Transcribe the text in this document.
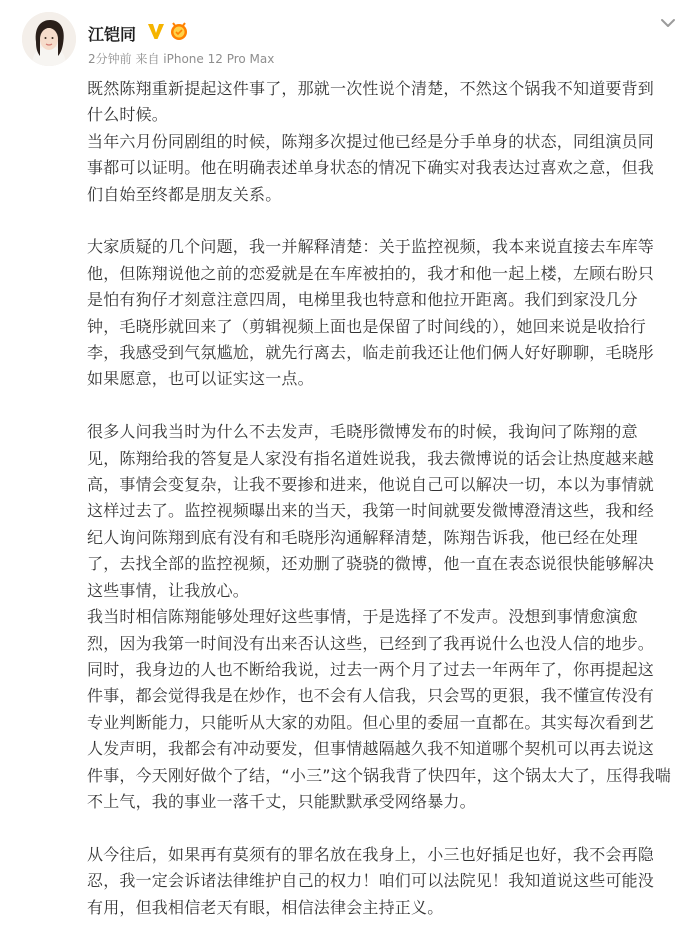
江铠同
2分钟前 来自 iPhone 12 Pro Max
既然陈翔重新提起这件事了，那就一次性说个清楚，不然这个锅我不知道要背到
什么时候。
当年六月份同剧组的时候，陈翔多次提过他已经是分手单身的状态，同组演员同
事都可以证明。他在明确表述单身状态的情况下确实对我表达过喜欢之意，但我
们自始至终都是朋友关系。
大家质疑的几个问题，我一并解释清楚：关于监控视频，我本来说直接去车库等
他，但陈翔说他之前的恋爱就是在车库被拍的，我才和他一起上楼，左顾右盼只
是怕有狗仔才刻意注意四周，电梯里我也特意和他拉开距离。我们到家没几分
钟，毛晓彤就回来了（剪辑视频上面也是保留了时间线的），她回来说是收拾行
李，我感受到气氛尴尬，就先行离去，临走前我还让他们俩人好好聊聊，毛晓彤
如果愿意，也可以证实这一点。
很多人问我当时为什么不去发声，毛晓彤微博发布的时候，我询问了陈翔的意
见，陈翔给我的答复是人家没有指名道姓说我，我去微博说的话会让热度越来越
高，事情会变复杂，让我不要掺和进来，他说自己可以解决一切，本以为事情就
这样过去了。监控视频曝出来的当天，我第一时间就要发微博澄清这些，我和经
纪人询问陈翔到底有没有和毛晓彤沟通解释清楚，陈翔告诉我，他已经在处理
了，去找全部的监控视频，还劝删了骁骁的微博，他一直在表态说很快能够解决
这些事情，让我放心。
我当时相信陈翔能够处理好这些事情，于是选择了不发声。没想到事情愈演愈
烈，因为我第一时间没有出来否认这些，已经到了我再说什么也没人信的地步。
同时，我身边的人也不断给我说，过去一两个月了过去一年两年了，你再提起这
件事，都会觉得我是在炒作，也不会有人信我，只会骂的更狠，我不懂宣传没有
专业判断能力，只能听从大家的劝阻。但心里的委屈一直都在。其实每次看到艺
人发声明，我都会有冲动要发，但事情越隔越久我不知道哪个契机可以再去说这
件事，今天刚好做个了结，“小三”这个锅我背了快四年，这个锅太大了，压得我喘
不上气，我的事业一落千丈，只能默默承受网络暴力。
从今往后，如果再有莫须有的罪名放在我身上，小三也好插足也好，我不会再隐
忍，我一定会诉诸法律维护自己的权力！咱们可以法院见！我知道说这些可能没
有用，但我相信老天有眼，相信法律会主持正义。
